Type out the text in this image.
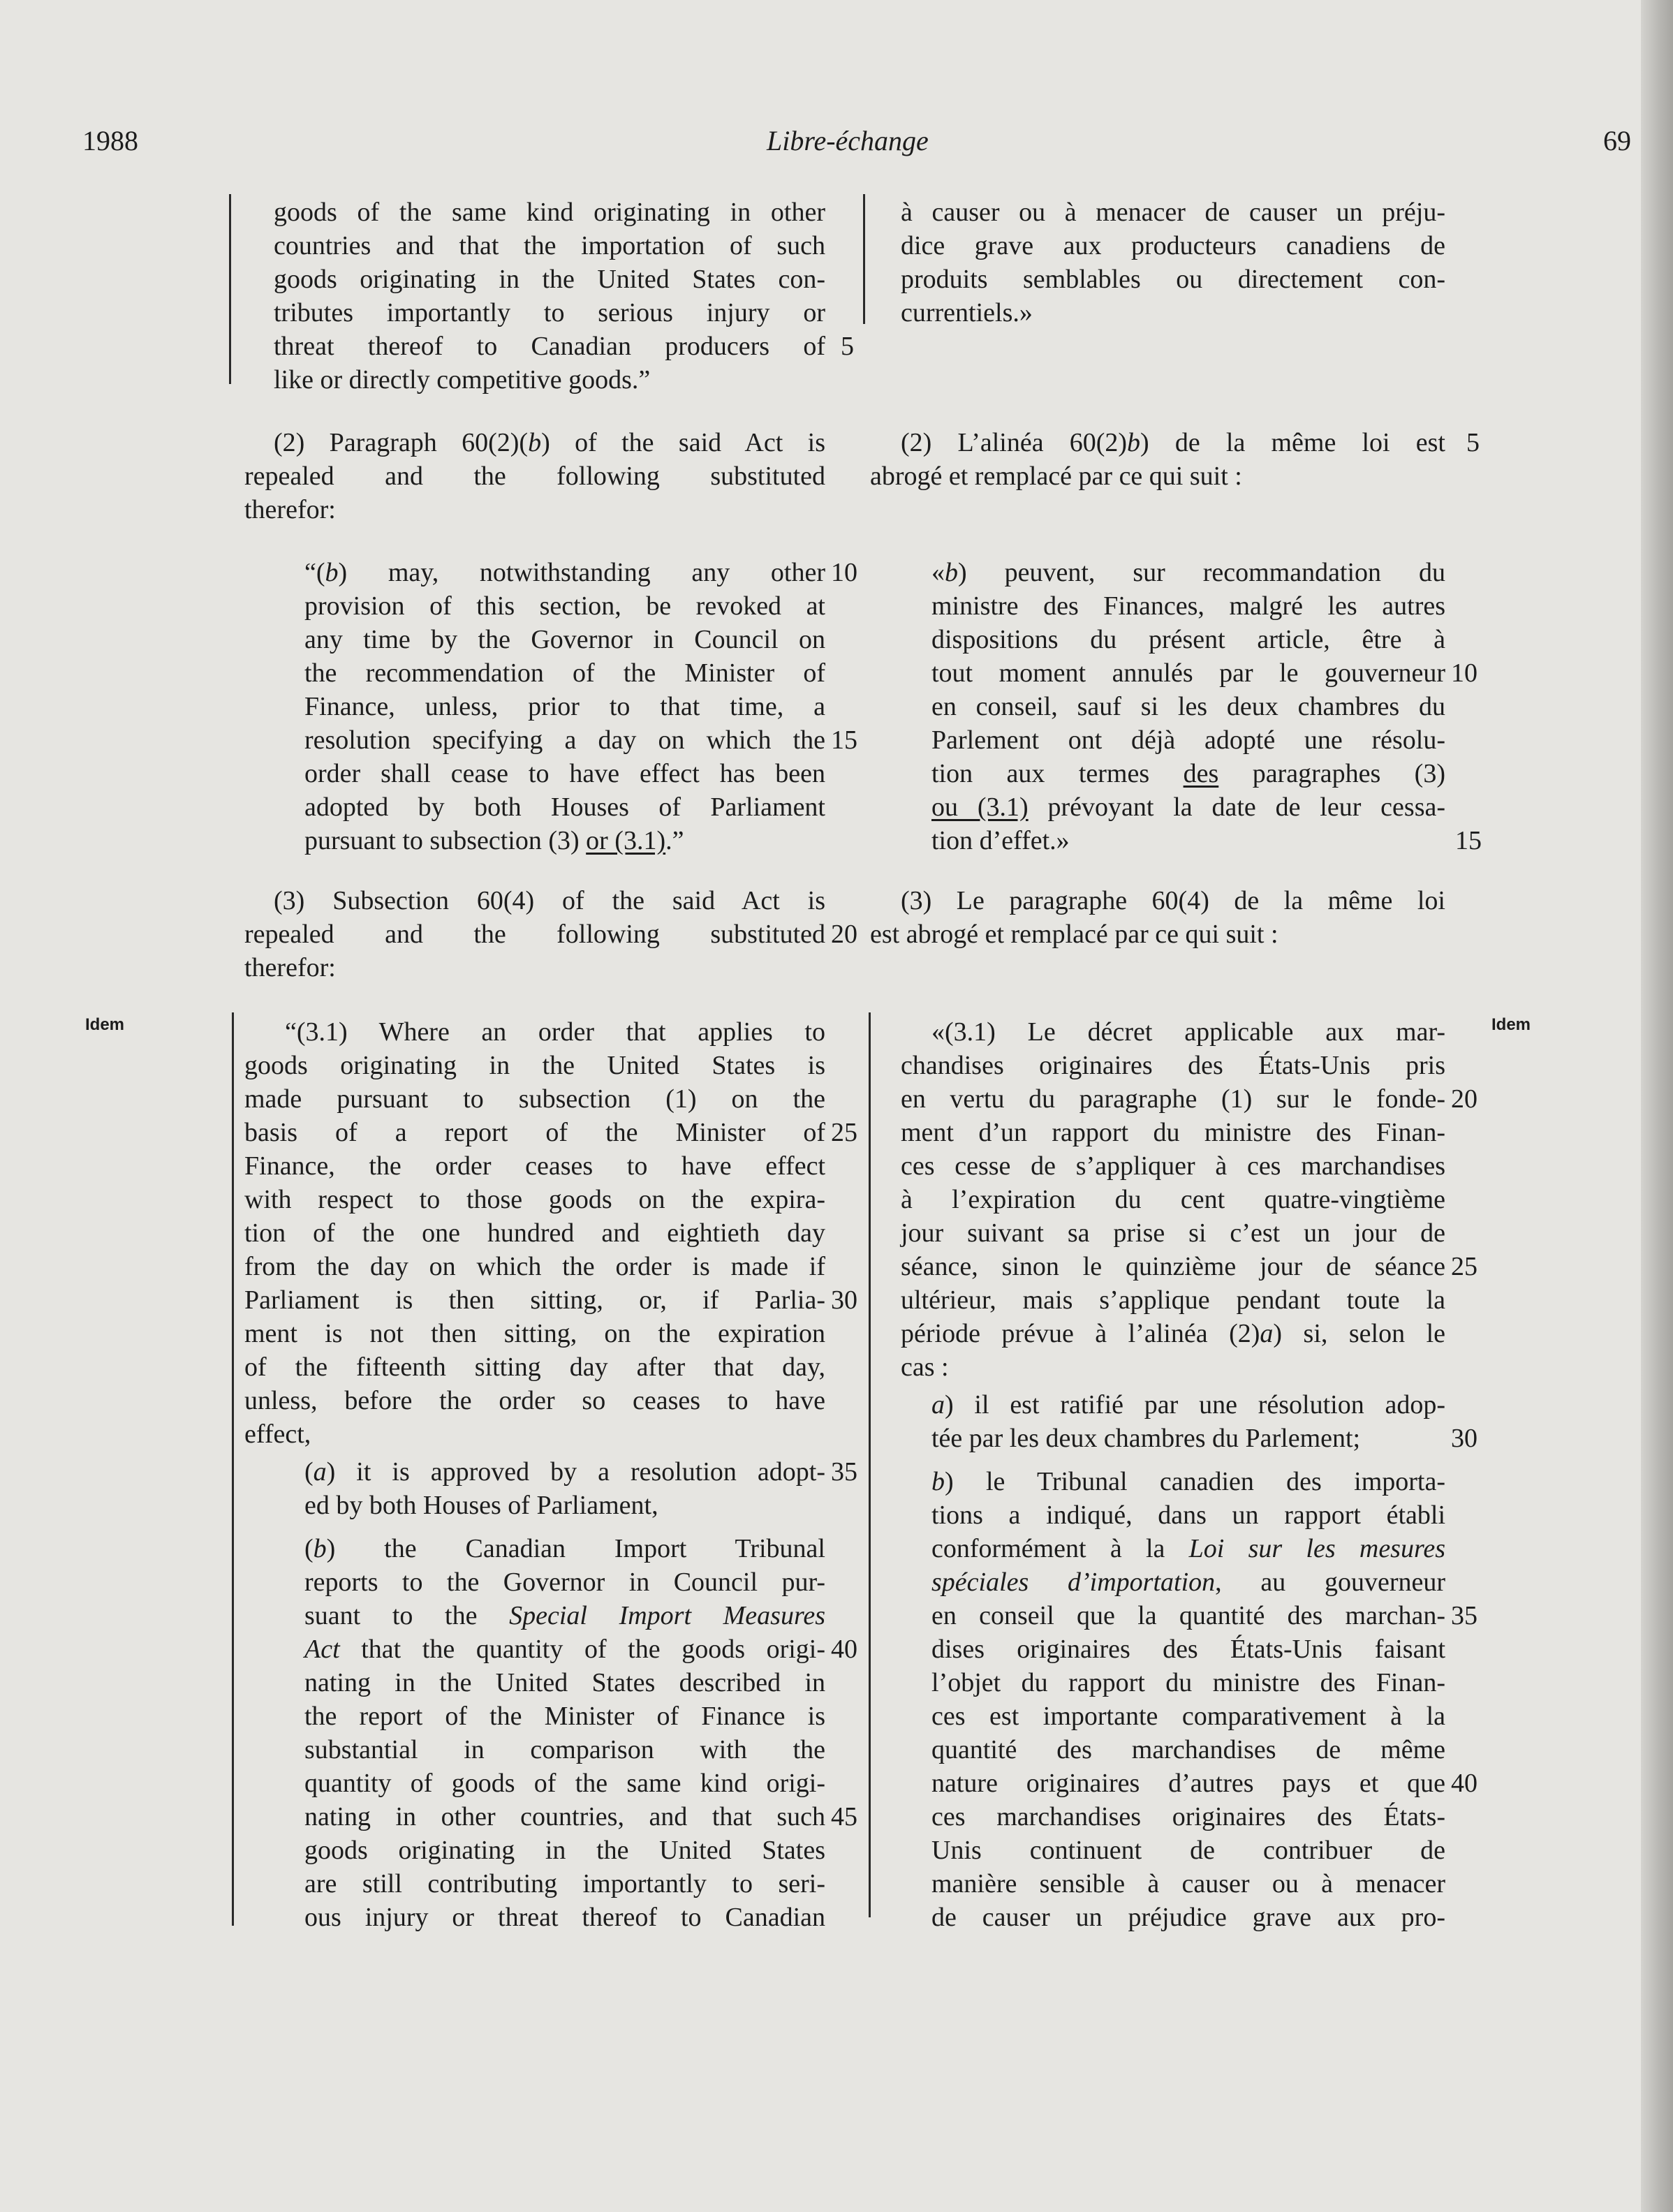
1988	Libre-échange	69
Idem	Idem
goods of the same kind originating in other
countries and that the importation of such
goods originating in the United States con-
tributes importantly to serious injury or
threat thereof to Canadian producers of
like or directly competitive goods.”
(2) Paragraph 60(2)(b) of the said Act is
repealed and the following substituted
therefor:
“(b) may, notwithstanding any other
provision of this section, be revoked at
any time by the Governor in Council on
the recommendation of the Minister of
Finance, unless, prior to that time, a
resolution specifying a day on which the
order shall cease to have effect has been
adopted by both Houses of Parliament
pursuant to subsection (3) or (3.1).”
(3) Subsection 60(4) of the said Act is
repealed and the following substituted
therefor:
“(3.1) Where an order that applies to
goods originating in the United States is
made pursuant to subsection (1) on the
basis of a report of the Minister of
Finance, the order ceases to have effect
with respect to those goods on the expira-
tion of the one hundred and eightieth day
from the day on which the order is made if
Parliament is then sitting, or, if Parlia-
ment is not then sitting, on the expiration
of the fifteenth sitting day after that day,
unless, before the order so ceases to have
effect,
(a) it is approved by a resolution adopt-
ed by both Houses of Parliament,
(b) the Canadian Import Tribunal
reports to the Governor in Council pur-
suant to the Special Import Measures
Act that the quantity of the goods origi-
nating in the United States described in
the report of the Minister of Finance is
substantial in comparison with the
quantity of goods of the same kind origi-
nating in other countries, and that such
goods originating in the United States
are still contributing importantly to seri-
ous injury or threat thereof to Canadian
5
10
15
20
25
30
35
40
45
à causer ou à menacer de causer un préju-
dice grave aux producteurs canadiens de
produits semblables ou directement con-
currentiels.»
(2) L’alinéa 60(2)b) de la même loi est
abrogé et remplacé par ce qui suit :
«b) peuvent, sur recommandation du
ministre des Finances, malgré les autres
dispositions du présent article, être à
tout moment annulés par le gouverneur
en conseil, sauf si les deux chambres du
Parlement ont déjà adopté une résolu-
tion aux termes des paragraphes (3)
ou (3.1) prévoyant la date de leur cessa-
tion d’effet.»
(3) Le paragraphe 60(4) de la même loi
est abrogé et remplacé par ce qui suit :
«(3.1) Le décret applicable aux mar-
chandises originaires des États-Unis pris
en vertu du paragraphe (1) sur le fonde-
ment d’un rapport du ministre des Finan-
ces cesse de s’appliquer à ces marchandises
à l’expiration du cent quatre-vingtième
jour suivant sa prise si c’est un jour de
séance, sinon le quinzième jour de séance
ultérieur, mais s’applique pendant toute la
période prévue à l’alinéa (2)a) si, selon le
cas :
a) il est ratifié par une résolution adop-
tée par les deux chambres du Parlement;
b) le Tribunal canadien des importa-
tions a indiqué, dans un rapport établi
conformément à la Loi sur les mesures
spéciales d’importation, au gouverneur
en conseil que la quantité des marchan-
dises originaires des États-Unis faisant
l’objet du rapport du ministre des Finan-
ces est importante comparativement à la
quantité des marchandises de même
nature originaires d’autres pays et que
ces marchandises originaires des États-
Unis continuent de contribuer de
manière sensible à causer ou à menacer
de causer un préjudice grave aux pro-
5
10
15
20
25
30
35
40
